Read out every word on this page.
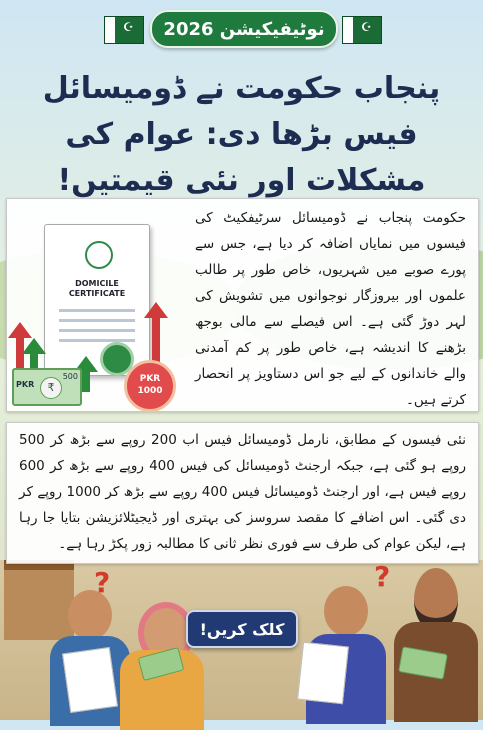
☪	نوٹیفیکیشن 2026	☪
پنجاب حکومت نے ڈومیسائل فیس بڑھا دی: عوام کی مشکلات اور نئی قیمتیں!
حکومت پنجاب نے ڈومیسائل سرٹیفکیٹ کی فیسوں میں نمایاں اضافہ کر دیا ہے، جس سے پورے صوبے میں شہریوں، خاص طور پر طالب علموں اور بیروزگار نوجوانوں میں تشویش کی لہر دوڑ گئی ہے۔ اس فیصلے سے مالی بوجھ بڑھنے کا اندیشہ ہے، خاص طور پر کم آمدنی والے خاندانوں کے لیے جو اس دستاویز پر انحصار کرتے ہیں۔
DOMICILE
CERTIFICATE
PKR	₹
500	PKR
1000
نئی فیسوں کے مطابق، نارمل ڈومیسائل فیس اب 200 روپے سے بڑھ کر 500 روپے ہو گئی ہے، جبکہ ارجنٹ ڈومیسائل کی فیس 400 روپے سے بڑھ کر 600 روپے فیس ہے، اور ارجنٹ ڈومیسائل فیس 400 روپے سے بڑھ کر 1000 روپے کر دی گئی۔ اس اضافے کا مقصد سروسز کی بہتری اور ڈیجیٹلائزیشن بتایا جا رہا ہے، لیکن عوام کی طرف سے فوری نظر ثانی کا مطالبہ زور پکڑ رہا ہے۔
?	?
کلک کریں!
